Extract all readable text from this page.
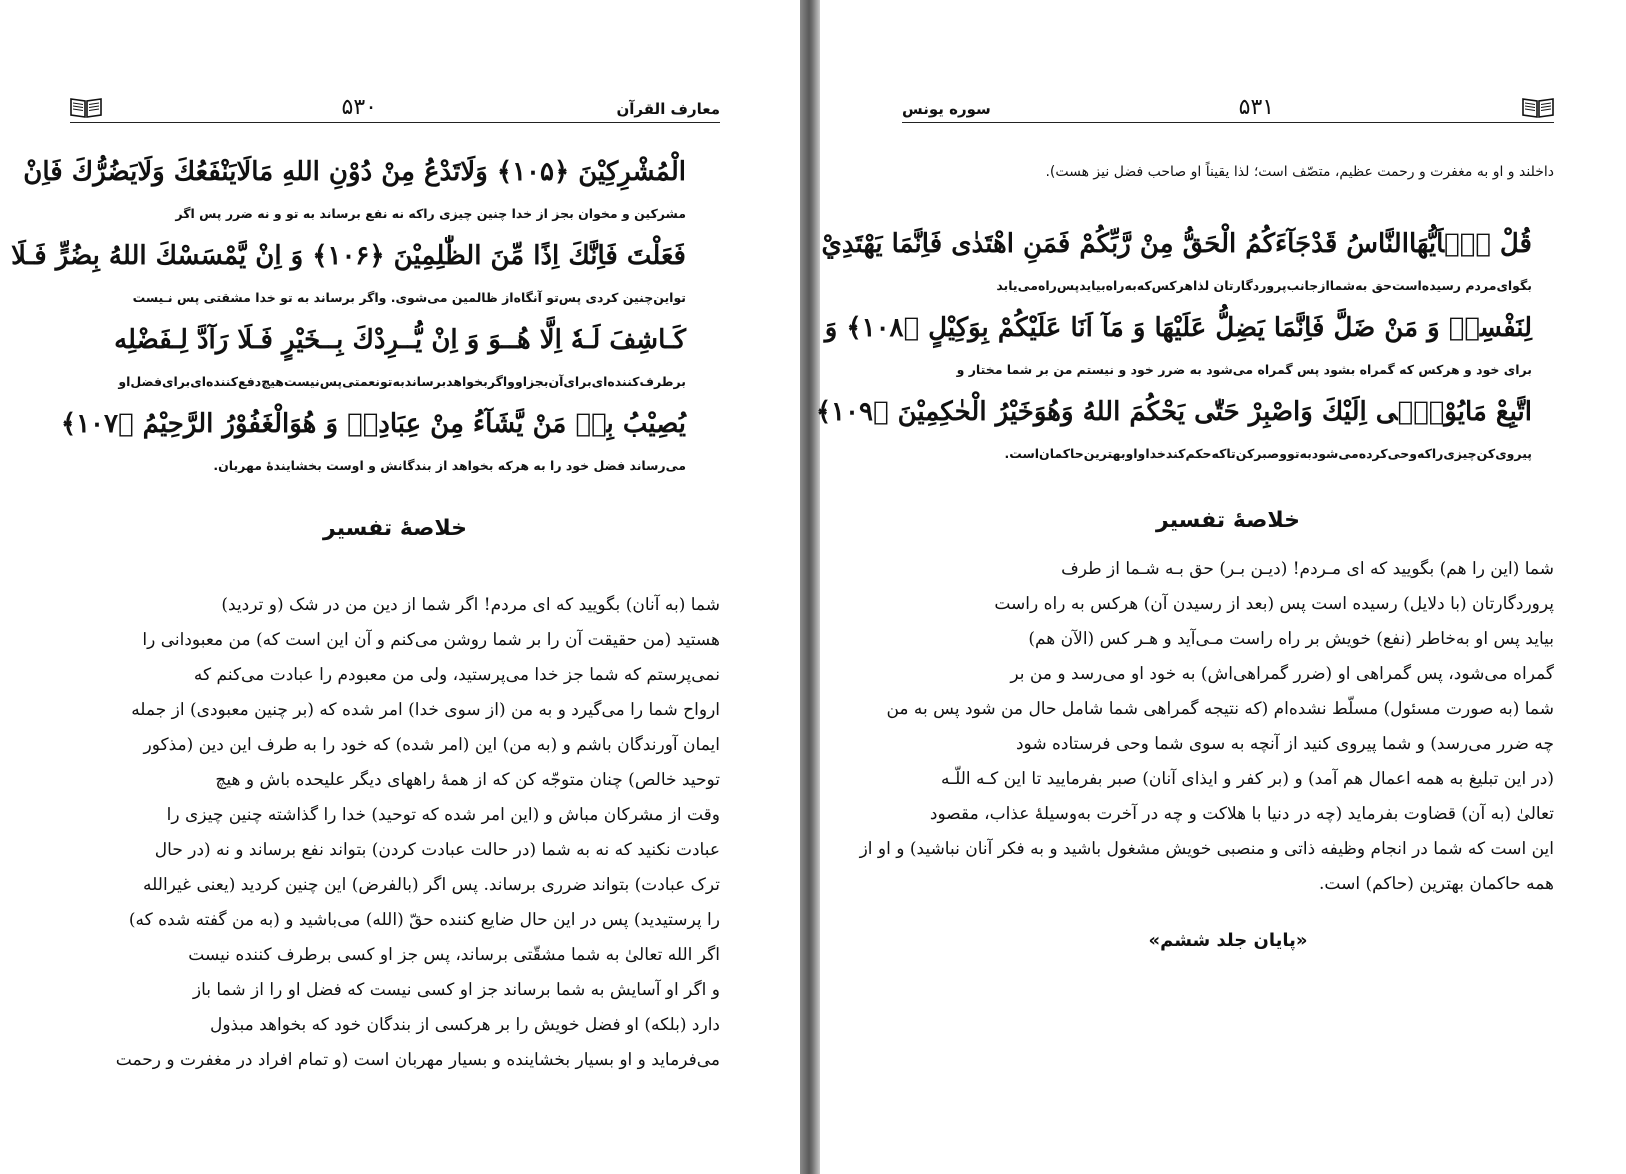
معارف القرآن
۵۳۰
الْمُشْرِكِيْنَ ﴿۱۰۵﴾ وَلَاتَدْعُ مِنْ دُوْنِ اللهِ مَالَايَنْفَعُكَ وَلَايَضُرُّكَ فَاِنْ
مشرکین و مخوان بجز از خدا چنین چیزی راکه نه نفع برساند به تو و نه ضرر پس اگر
فَعَلْتَ فَاِنَّكَ اِذًا مِّنَ الظّٰلِمِيْنَ ﴿۱۰۶﴾ وَ اِنْ يَّمْسَسْكَ اللهُ بِضُرٍّ فَـلَا
تواین‌چنین کردی پس‌تو آنگاه‌از ظالمین می‌شوی. واگر برساند به تو خدا مشقتی پس نـیست
كَـاشِفَ لَـهٗ اِلَّا هُــوَ وَ اِنْ يُّــرِدْكَ بِــخَيْرٍ فَـلَا رَآدَّ لِـفَضْلِه
برطرف‌کننده‌ای‌برای‌آن‌بجزاوواگر‌بخواهدبرساندبه‌تونعمتی‌پس‌نیست‌هیچ‌دفع‌کننده‌ای‌برای‌فضل‌او
يُصِيْبُ بِهٖ مَنْ يَّشَآءُ مِنْ عِبَادِهٖ وَ هُوَالْغَفُوْرُ الرَّحِيْمُ ﴿۱۰۷﴾
می‌رساند فضل خود را به هرکه بخواهد از بندگانش و اوست بخشایندهٔ مهربان.
خلاصهٔ تفسیر
شما (به آنان) بگویید که ای مردم! اگر شما از دین من در شک (و تردید)
هستید (من حقیقت آن را بر شما روشن می‌کنم و آن این است که) من معبودانی را
نمی‌پرستم که شما جز خدا می‌پرستید، ولی من معبودم را عبادت می‌کنم که
ارواح شما را می‌گیرد و به من (از سوی خدا) امر شده که (بر چنین معبودی) از جمله
ایمان آورندگان باشم و (به من) این (امر شده) که خود را به طرف این دین (مذکور
توحید خالص) چنان متوجّه کن که از همهٔ راههای دیگر علیحده باش و هیچ
وقت از مشرکان مباش و (این امر شده که توحید) خدا را گذاشته چنین چیزی را
عبادت نکنید که نه به شما (در حالت عبادت کردن) بتواند نفع برساند و نه (در حال
ترک عبادت) بتواند ضرری برساند. پس اگر (بالفرض) این چنین کردید (یعنی غیرالله
را پرستیدید) پس در این حال ضایع کننده حقّ (الله) می‌باشید و (به من گفته شده که)
اگر الله تعالیٰ به شما مشقّتی برساند، پس جز او کسی برطرف کننده نیست
و اگر او آسایش به شما برساند جز او کسی نیست که فضل او را از شما باز
دارد (بلکه) او فضل خویش را بر هرکسی از بندگان خود که بخواهد مبذول
می‌فرماید و او بسیار بخشاینده و بسیار مهربان است (و تمام افراد در مغفرت و رحمت
۵۳۱
سوره یونس
داخلند و او به مغفرت و رحمت عظیم، متصّف است؛ لذا یقیناً او صاحب فضل نیز هست).
قُلْ يٰۤاَيُّهَاالنَّاسُ قَدْجَآءَكُمُ الْحَقُّ مِنْ رَّبِّكُمْ فَمَنِ اهْتَدٰى فَاِنَّمَا يَهْتَدِيْ
بگوای‌مردم رسیده‌است‌حق به‌شمااز‌جانب‌پروردگارتان لذاهرکس‌که‌به‌راه‌بیاید‌پس‌راه‌می‌یابد
لِنَفْسِهٖ وَ مَنْ ضَلَّ فَاِنَّمَا يَضِلُّ عَلَيْهَا وَ مَآ اَنَا عَلَيْكُمْ بِوَكِيْلٍ ﴿۱۰۸﴾ وَ
برای خود و هرکس که گمراه بشود پس گمراه می‌شود به ضرر خود و نیستم من بر شما مختار و
اتَّبِعْ مَايُوْحٰۤى اِلَيْكَ وَاصْبِرْ حَتّٰى يَحْكُمَ اللهُ وَهُوَخَيْرُ الْحٰكِمِيْنَ ﴿۱۰۹﴾
پیروی‌کن‌چیزی‌راکه‌وحی‌کرده‌می‌شودبه‌تووصبرکن‌تاکه‌حکم‌کندخداواوبهترین‌حاکمان‌است.
خلاصهٔ تفسیر
شما (این را هم) بگویید که ای مـردم! (دیـن بـر) حق بـه شـما از طرف
پروردگارتان (با دلایل) رسیده است پس (بعد از رسیدن آن) هرکس به راه راست
بیاید پس او به‌خاطر (نفع) خویش بر راه راست مـی‌آید و هـر کس (الآن هم)
گمراه می‌شود، پس گمراهی او (ضرر گمراهی‌اش) به خود او می‌رسد و من بر
شما (به صورت مسئول) مسلّط نشده‌ام (که نتیجه گمراهی شما شامل حال من شود پس به من
چه ضرر می‌رسد) و شما پیروی کنید از آنچه به سوی شما وحی فرستاده شود
(در این تبلیغ به همه اعمال هم آمد) و (بر کفر و ایذای آنان) صبر بفرمایید تا این کـه اللّـه
تعالیٰ (به آن) قضاوت بفرماید (چه در دنیا با هلاکت و چه در آخرت به‌وسیلهٔ عذاب، مقصود
این است که شما در انجام وظیفه ذاتی و منصبی خویش مشغول باشید و به فکر آنان نباشید) و او از
همه حاکمان بهترین (حاکم) است.
«پایان جلد ششم»
